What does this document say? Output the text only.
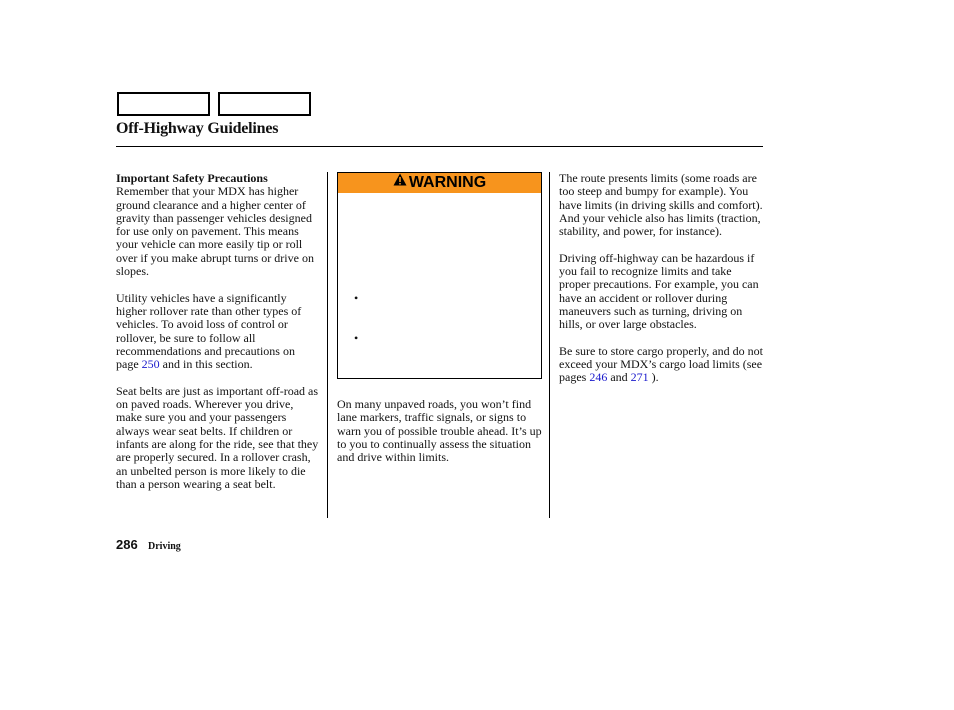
Off-Highway Guidelines

Important Safety Precautions
Remember that your MDX has higher ground clearance and a higher center of gravity than passenger vehicles designed for use only on pavement. This means your vehicle can more easily tip or roll over if you make abrupt turns or drive on slopes.

Utility vehicles have a significantly higher rollover rate than other types of vehicles. To avoid loss of control or rollover, be sure to follow all recommendations and precautions on page 250 and in this section.

Seat belts are just as important off-road as on paved roads. Wherever you drive, make sure you and your passengers always wear seat belts. If children or infants are along for the ride, see that they are properly secured. In a rollover crash, an unbelted person is more likely to die than a person wearing a seat belt.

WARNING
•
•

On many unpaved roads, you won’t find lane markers, traffic signals, or signs to warn you of possible trouble ahead. It’s up to you to continually assess the situation and drive within limits.

The route presents limits (some roads are too steep and bumpy for example). You have limits (in driving skills and comfort). And your vehicle also has limits (traction, stability, and power, for instance).

Driving off-highway can be hazardous if you fail to recognize limits and take proper precautions. For example, you can have an accident or rollover during maneuvers such as turning, driving on hills, or over large obstacles.

Be sure to store cargo properly, and do not exceed your MDX’s cargo load limits (see pages 246 and 271 ).

286 Driving
